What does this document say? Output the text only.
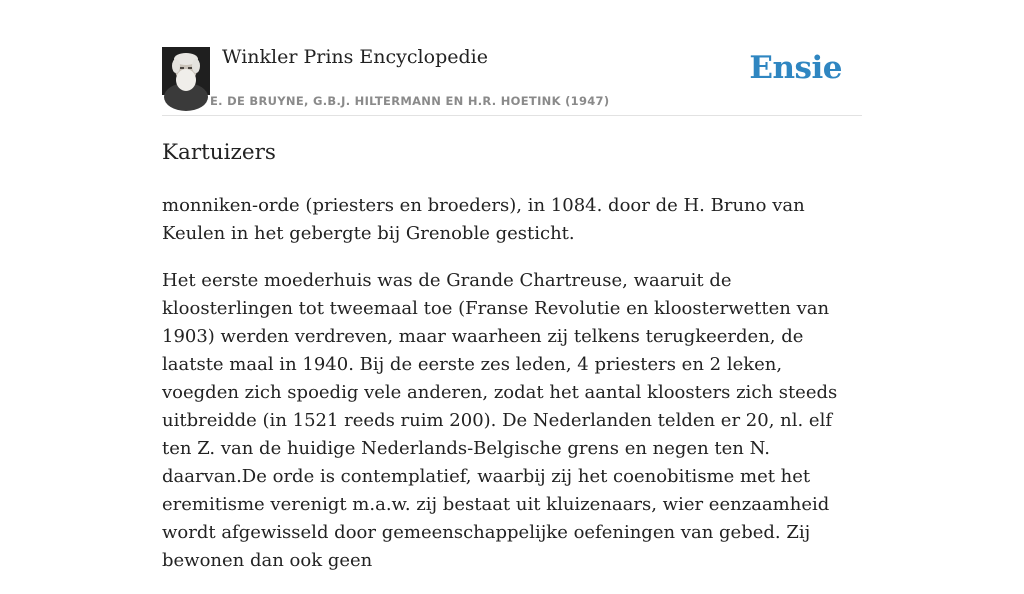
Winkler Prins Encyclopedie
E. DE BRUYNE, G.B.J. HILTERMANN EN H.R. HOETINK (1947)
Ensie
Kartuizers

monniken-orde (priesters en broeders), in 1084. door de H. Bruno van Keulen in het gebergte bij Grenoble gesticht.

Het eerste moederhuis was de Grande Chartreuse, waaruit de kloosterlingen tot tweemaal toe (Franse Revolutie en kloosterwetten van 1903) werden verdreven, maar waarheen zij telkens terugkeerden, de laatste maal in 1940. Bij de eerste zes leden, 4 priesters en 2 leken, voegden zich spoedig vele anderen, zodat het aantal kloosters zich steeds uitbreidde (in 1521 reeds ruim 200). De Nederlanden telden er 20, nl. elf ten Z. van de huidige Nederlands-Belgische grens en negen ten N. daarvan.De orde is contemplatief, waarbij zij het coenobitisme met het eremitisme verenigt m.a.w. zij bestaat uit kluizenaars, wier eenzaamheid wordt afgewisseld door gemeenschappelijke oefeningen van gebed. Zij bewonen dan ook geen
